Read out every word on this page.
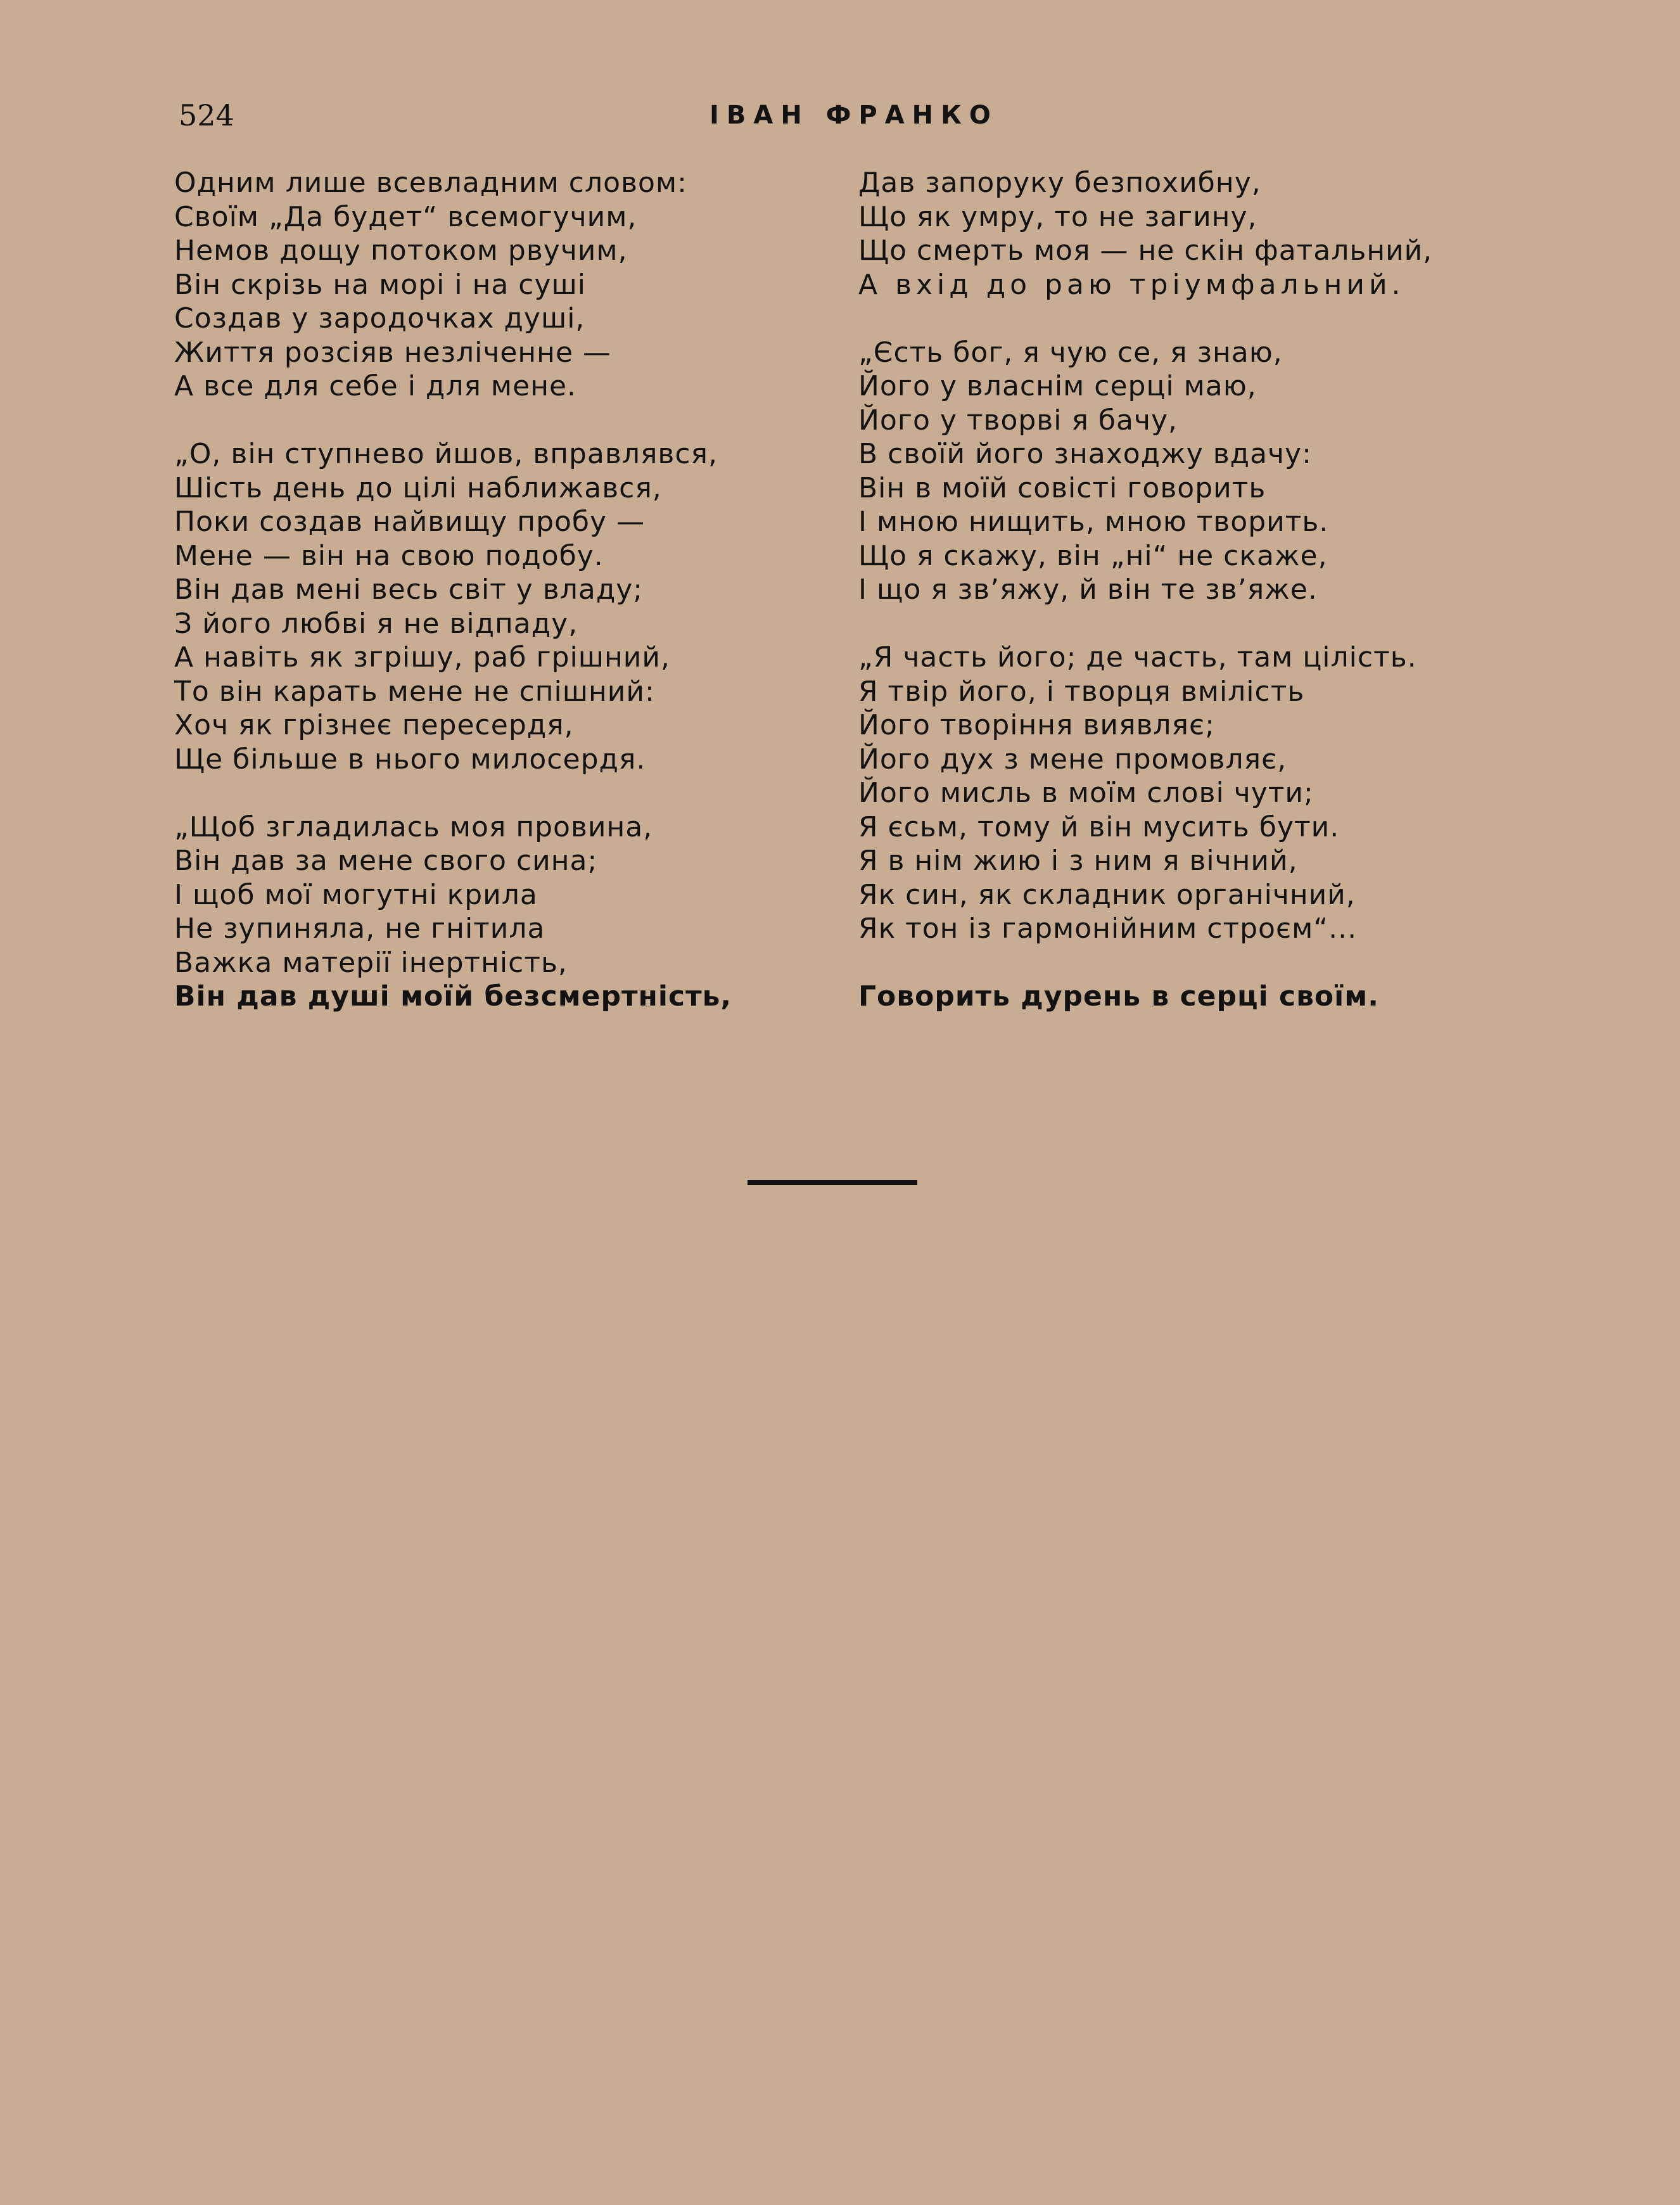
524	ІВАН ФРАНКО
Одним лише всевладним словом:
Своїм „Да будет“ всемогучим,
Немов дощу потоком рвучим,
Він скрізь на морі і на суші
Создав у зародочках душі,
Життя розсіяв незліченне —
А все для себе і для мене.
„О, він ступнево йшов, вправлявся,
Шість день до цілі наближався,
Поки создав найвищу пробу —
Мене — він на свою подобу.
Він дав мені весь світ у владу;
З його любві я не відпаду,
А навіть як згрішу, раб грішний,
То він карать мене не спішний:
Хоч як грізнеє пересердя,
Ще більше в нього милосердя.
„Щоб згладилась моя провина,
Він дав за мене свого сина;
І щоб мої могутні крила
Не зупиняла, не гнітила
Важка матерії інертність,
Він дав душі моїй безсмертність,
Дав запоруку безпохибну,
Що як умру, то не загину,
Що смерть моя — не скін фатальний,
А вхід до раю тріумфальний.
„Єсть бог, я чую се, я знаю,
Його у власнім серці маю,
Його у творві я бачу,
В своїй його знаходжу вдачу:
Він в моїй совісті говорить
І мною нищить, мною творить.
Що я скажу, він „ні“ не скаже,
І що я зв’яжу, й він те зв’яже.
„Я часть його; де часть, там цілість.
Я твір його, і творця вмілість
Його творіння виявляє;
Його дух з мене промовляє,
Його мисль в моїм слові чути;
Я єсьм, тому й він мусить бути.
Я в нім жию і з ним я вічний,
Як син, як складник органічний,
Як тон із гармонійним строєм“...
Говорить дурень в серці своїм.
